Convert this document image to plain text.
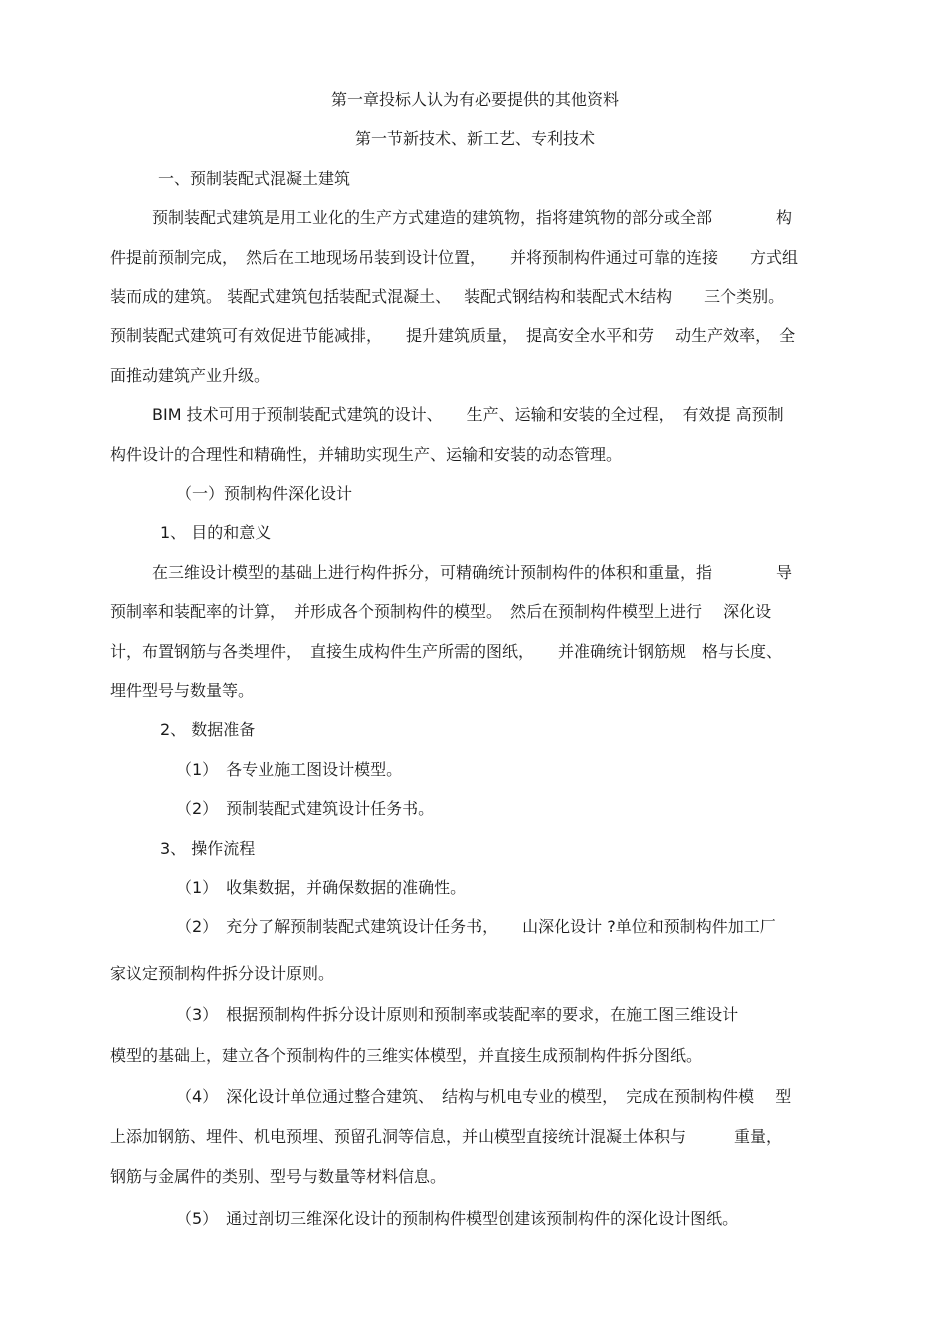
第一章投标人认为有必要提供的其他资料
第一节新技术、新工艺、专利技术
一、预制装配式混凝土建筑
预制装配式建筑是用工业化的生产方式建造的建筑物，指将建筑物的部分或全部　　　　构
件提前预制完成，　然后在工地现场吊装到设计位置，　　并将预制构件通过可靠的连接　　方式组
装而成的建筑。 装配式建筑包括装配式混凝土、　 装配式钢结构和装配式木结构　　三个类别。
预制装配式建筑可有效促进节能减排，　　提升建筑质量，　提高安全水平和劳　 动生产效率，　全
面推动建筑产业升级。
BIM 技术可用于预制装配式建筑的设计、　　生产、运输和安装的全过程，　有效提 高预制
构件设计的合理性和精确性，并辅助实现生产、运输和安装的动态管理。
（一）预制构件深化设计
1、 目的和意义
在三维设计模型的基础上进行构件拆分，可精确统计预制构件的体积和重量，指　　　　导
预制率和装配率的计算，　并形成各个预制构件的模型。　然后在预制构件模型上进行　 深化设
计，布置钢筋与各类埋件，　直接生成构件生产所需的图纸，　　并准确统计钢筋规　格与长度、
埋件型号与数量等。
2、 数据准备
（1）　各专业施工图设计模型。
（2）　预制装配式建筑设计任务书。
3、 操作流程
（1）　收集数据，并确保数据的准确性。
（2）　充分了解预制装配式建筑设计任务书，　　山深化设计 ?单位和预制构件加工厂
家议定预制构件拆分设计原则。
（3）　根据预制构件拆分设计原则和预制率或装配率的要求，在施工图三维设计
模型的基础上，建立各个预制构件的三维实体模型，并直接生成预制构件拆分图纸。
（4）　深化设计单位通过整合建筑、　结构与机电专业的模型，　完成在预制构件模　 型
上添加钢筋、埋件、机电预埋、预留孔洞等信息，并山模型直接统计混凝土体积与　　　重量，
钢筋与金属件的类别、型号与数量等材料信息。
（5）　通过剖切三维深化设计的预制构件模型创建该预制构件的深化设计图纸。
